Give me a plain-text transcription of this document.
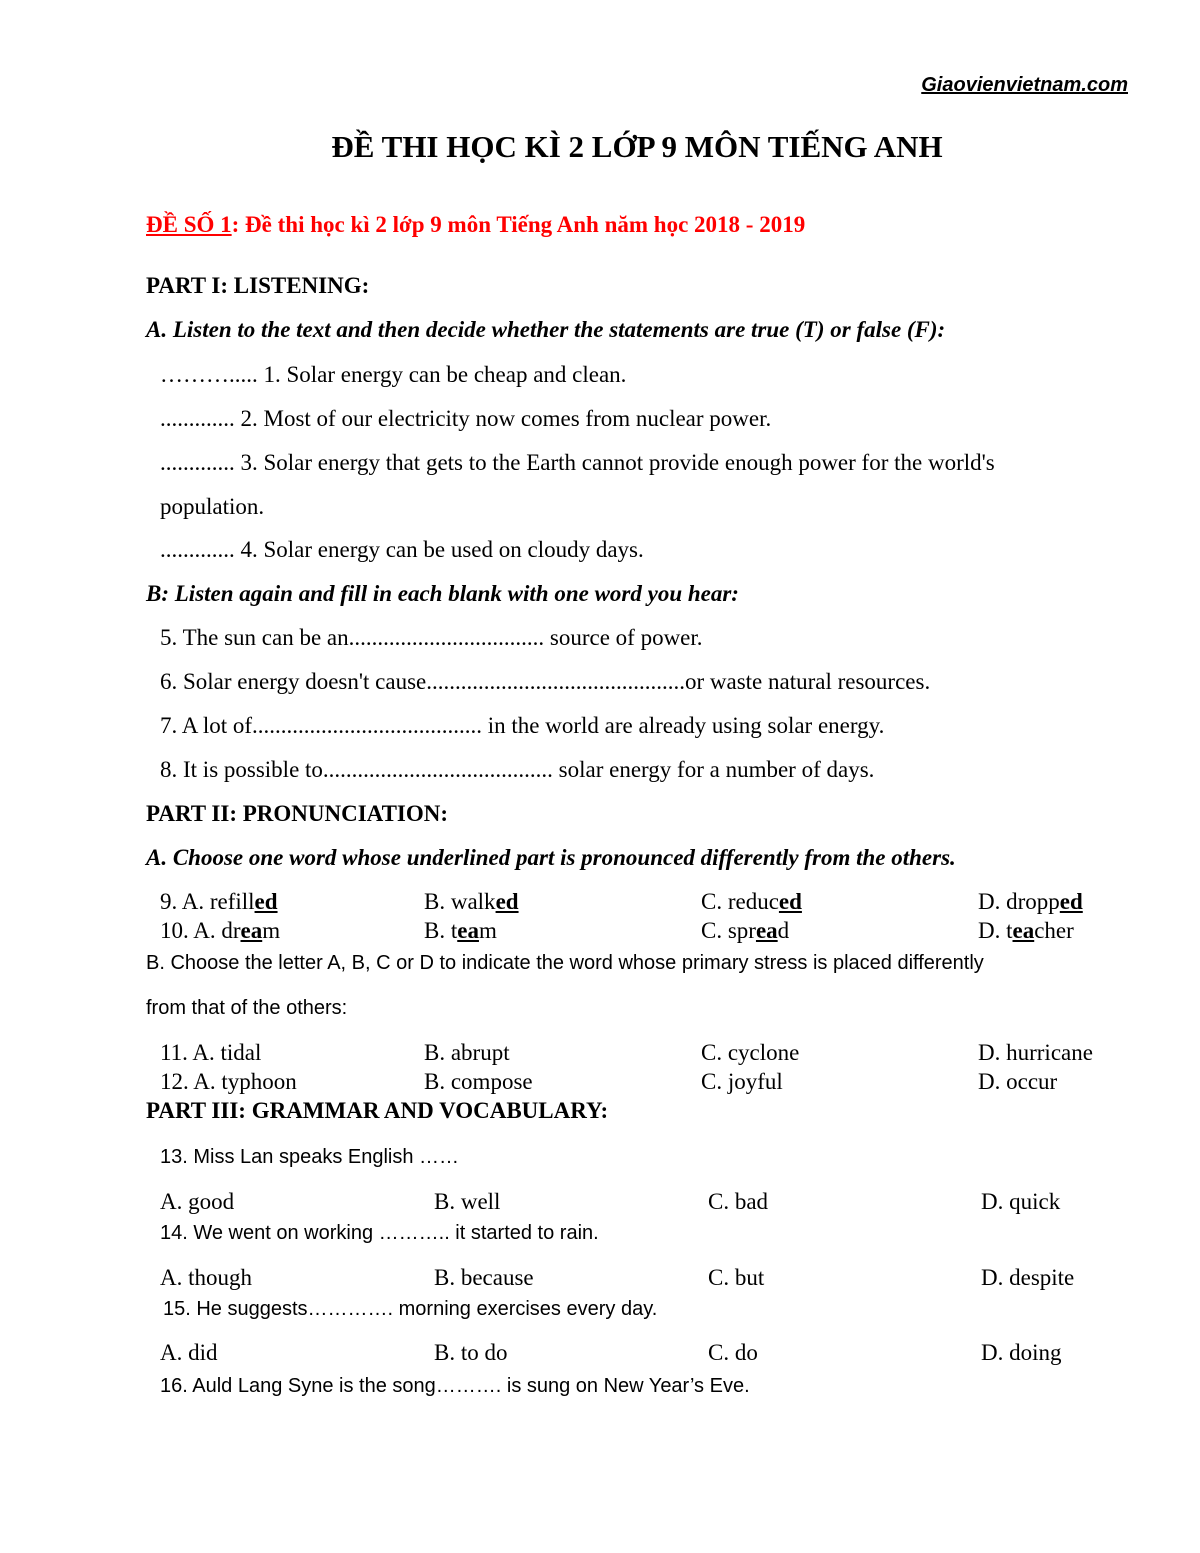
Giaovienvietnam.com
ĐỀ THI HỌC KÌ 2 LỚP 9 MÔN TIẾNG ANH
ĐỀ SỐ 1: Đề thi học kì 2 lớp 9 môn Tiếng Anh năm học 2018 - 2019
PART I: LISTENING:
A. Listen to the text and then decide whether the statements are true (T) or false (F):
………..... 1. Solar energy can be cheap and clean.
............. 2. Most of our electricity now comes from nuclear power.
............. 3. Solar energy that gets to the Earth cannot provide enough power for the world's
population.
............. 4. Solar energy can be used on cloudy days.
B: Listen again and fill in each blank with one word you hear:
5. The sun can be an.................................. source of power.
6. Solar energy doesn't cause.............................................or waste natural resources.
7. A lot of........................................ in the world are already using solar energy.
8. It is possible to........................................ solar energy for a number of days.
PART II: PRONUNCIATION:
A. Choose one word whose underlined part is pronounced differently from the others.
9. A. refilled	B. walked	C. reduced	D. dropped
10. A. dream	B. team	C. spread	D. teacher
B. Choose the letter A, B, C or D to indicate the word whose primary stress is placed differently
from that of the others:
11. A. tidal	B. abrupt	C. cyclone	D. hurricane
12. A. typhoon	B. compose	C. joyful	D. occur
PART III: GRAMMAR AND VOCABULARY:
13. Miss Lan speaks English ……
A. good	B. well	C. bad	D. quick
14. We went on working ……….. it started to rain.
A. though	B. because	C. but	D. despite
15. He suggests…………. morning exercises every day.
A. did	B. to do	C. do	D. doing
16. Auld Lang Syne is the song………. is sung on New Year’s Eve.
